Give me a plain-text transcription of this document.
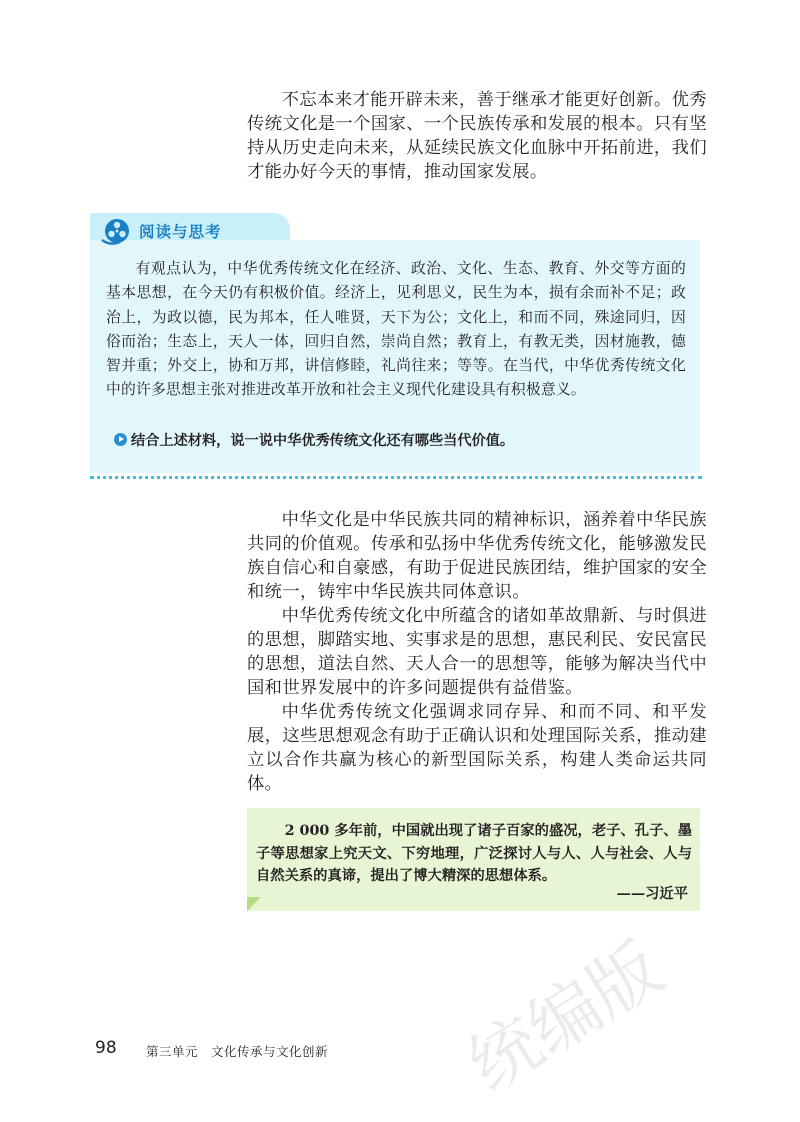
不忘本来才能开辟未来，善于继承才能更好创新。优秀传统文化是一个国家、一个民族传承和发展的根本。只有坚持从历史走向未来，从延续民族文化血脉中开拓前进，我们才能办好今天的事情，推动国家发展。

阅读与思考

有观点认为，中华优秀传统文化在经济、政治、文化、生态、教育、外交等方面的基本思想，在今天仍有积极价值。经济上，见利思义，民生为本，损有余而补不足；政治上，为政以德，民为邦本，任人唯贤，天下为公；文化上，和而不同，殊途同归，因俗而治；生态上，天人一体，回归自然，崇尚自然；教育上，有教无类，因材施教，德智并重；外交上，协和万邦，讲信修睦，礼尚往来；等等。在当代，中华优秀传统文化中的许多思想主张对推进改革开放和社会主义现代化建设具有积极意义。

结合上述材料，说一说中华优秀传统文化还有哪些当代价值。

中华文化是中华民族共同的精神标识，涵养着中华民族共同的价值观。传承和弘扬中华优秀传统文化，能够激发民族自信心和自豪感，有助于促进民族团结，维护国家的安全和统一，铸牢中华民族共同体意识。

中华优秀传统文化中所蕴含的诸如革故鼎新、与时俱进的思想，脚踏实地、实事求是的思想，惠民利民、安民富民的思想，道法自然、天人合一的思想等，能够为解决当代中国和世界发展中的许多问题提供有益借鉴。

中华优秀传统文化强调求同存异、和而不同、和平发展，这些思想观念有助于正确认识和处理国际关系，推动建立以合作共赢为核心的新型国际关系，构建人类命运共同体。

2 000 多年前，中国就出现了诸子百家的盛况，老子、孔子、墨子等思想家上究天文、下穷地理，广泛探讨人与人、人与社会、人与自然关系的真谛，提出了博大精深的思想体系。

——习近平
统编版
98 第三单元　文化传承与文化创新
